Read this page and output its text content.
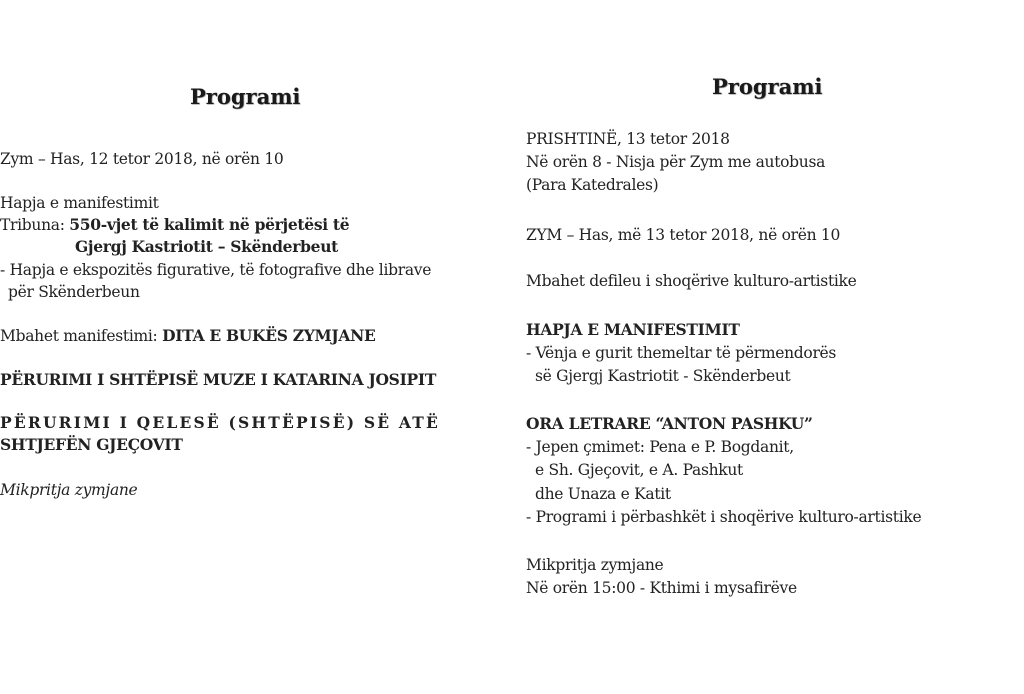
Programi
Zym – Has, 12 tetor 2018, në orën 10
Hapja e manifestimit
Tribuna: 550-vjet të kalimit në përjetësi të
Gjergj Kastriotit – Skënderbeut
- Hapja e ekspozitës figurative, të fotografive dhe librave
për Skënderbeun
Mbahet manifestimi: DITA E BUKËS ZYMJANE
PËRURIMI I SHTËPISË MUZE I KATARINA JOSIPIT
PËRURIMI I QELESË (SHTËPISË) SË ATË
SHTJEFËN GJEÇOVIT
Mikpritja zymjane
Programi
PRISHTINË, 13 tetor 2018
Në orën 8 - Nisja për Zym me autobusa
(Para Katedrales)
ZYM – Has, më 13 tetor 2018, në orën 10
Mbahet defileu i shoqërive kulturo-artistike
HAPJA E MANIFESTIMIT
- Vënja e gurit themeltar të përmendorës
së Gjergj Kastriotit - Skënderbeut
ORA LETRARE “ANTON PASHKU”
- Jepen çmimet: Pena e P. Bogdanit,
e Sh. Gjeçovit, e A. Pashkut
dhe Unaza e Katit
- Programi i përbashkët i shoqërive kulturo-artistike
Mikpritja zymjane
Në orën 15:00 - Kthimi i mysafirëve
